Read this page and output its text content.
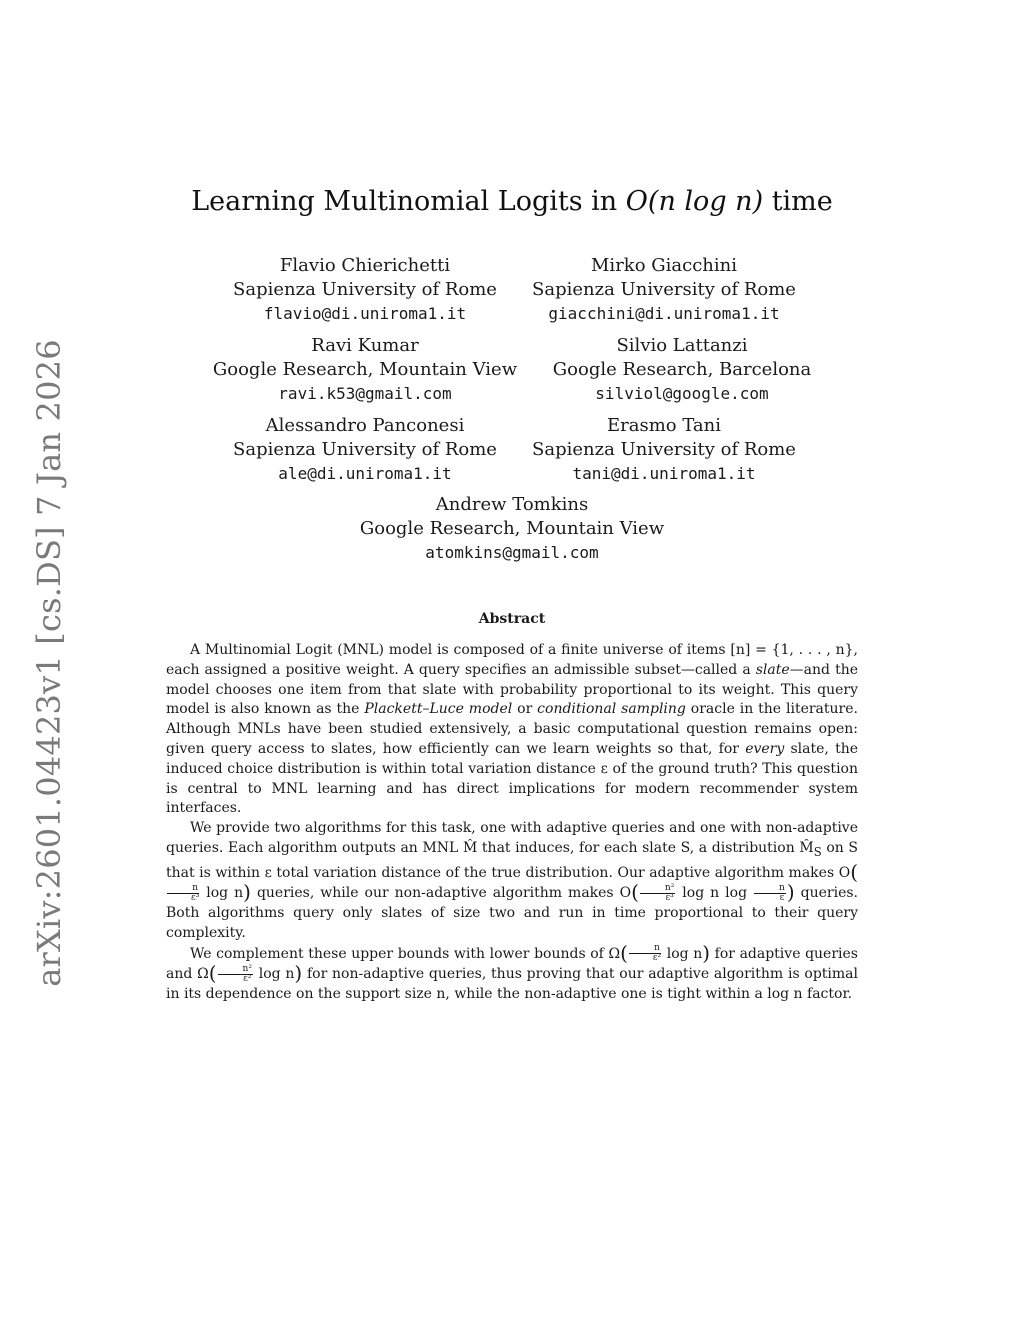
arXiv:2601.04423v1 [cs.DS] 7 Jan 2026
Learning Multinomial Logits in O(n log n) time
Flavio Chierichetti
Sapienza University of Rome
flavio@di.uniroma1.it
Mirko Giacchini
Sapienza University of Rome
giacchini@di.uniroma1.it
Ravi Kumar
Google Research, Mountain View
ravi.k53@gmail.com
Silvio Lattanzi
Google Research, Barcelona
silviol@google.com
Alessandro Panconesi
Sapienza University of Rome
ale@di.uniroma1.it
Erasmo Tani
Sapienza University of Rome
tani@di.uniroma1.it
Andrew Tomkins
Google Research, Mountain View
atomkins@gmail.com
Abstract

A Multinomial Logit (MNL) model is composed of a finite universe of items [n] = {1, . . . , n}, each assigned a positive weight. A query specifies an admissible subset—called a slate—and the model chooses one item from that slate with probability proportional to its weight. This query model is also known as the Plackett–Luce model or conditional sampling oracle in the literature. Although MNLs have been studied extensively, a basic computational question remains open: given query access to slates, how efficiently can we learn weights so that, for every slate, the induced choice distribution is within total variation distance ε of the ground truth? This question is central to MNL learning and has direct implications for modern recommender system interfaces.

We provide two algorithms for this task, one with adaptive queries and one with non-adaptive queries. Each algorithm outputs an MNL M̂ that induces, for each slate S, a distribution $M̂_S$ on S that is within ε total variation distance of the true distribution. Our adaptive algorithm makes O(
$\frac{n}{\text{ε³}}$ log n) queries, while our non-adaptive algorithm makes $O( \frac{\text{n²}}{\text{ε³}}$ log n $\log \frac{n}{\varepsilon}$ ) queries. Both algorithms query only slates of size two and run in time proportional to their query complexity.

We complement these upper bounds with lower bounds of $\Omega( \frac{n}{\text{ε²}}$ log n) for adaptive queries and $\Omega( \frac{\text{n²}}{\text{ε²}}$ log n) for non-adaptive queries, thus proving that our adaptive algorithm is optimal in its dependence on the support size n, while the non-adaptive one is tight within a log n factor.
